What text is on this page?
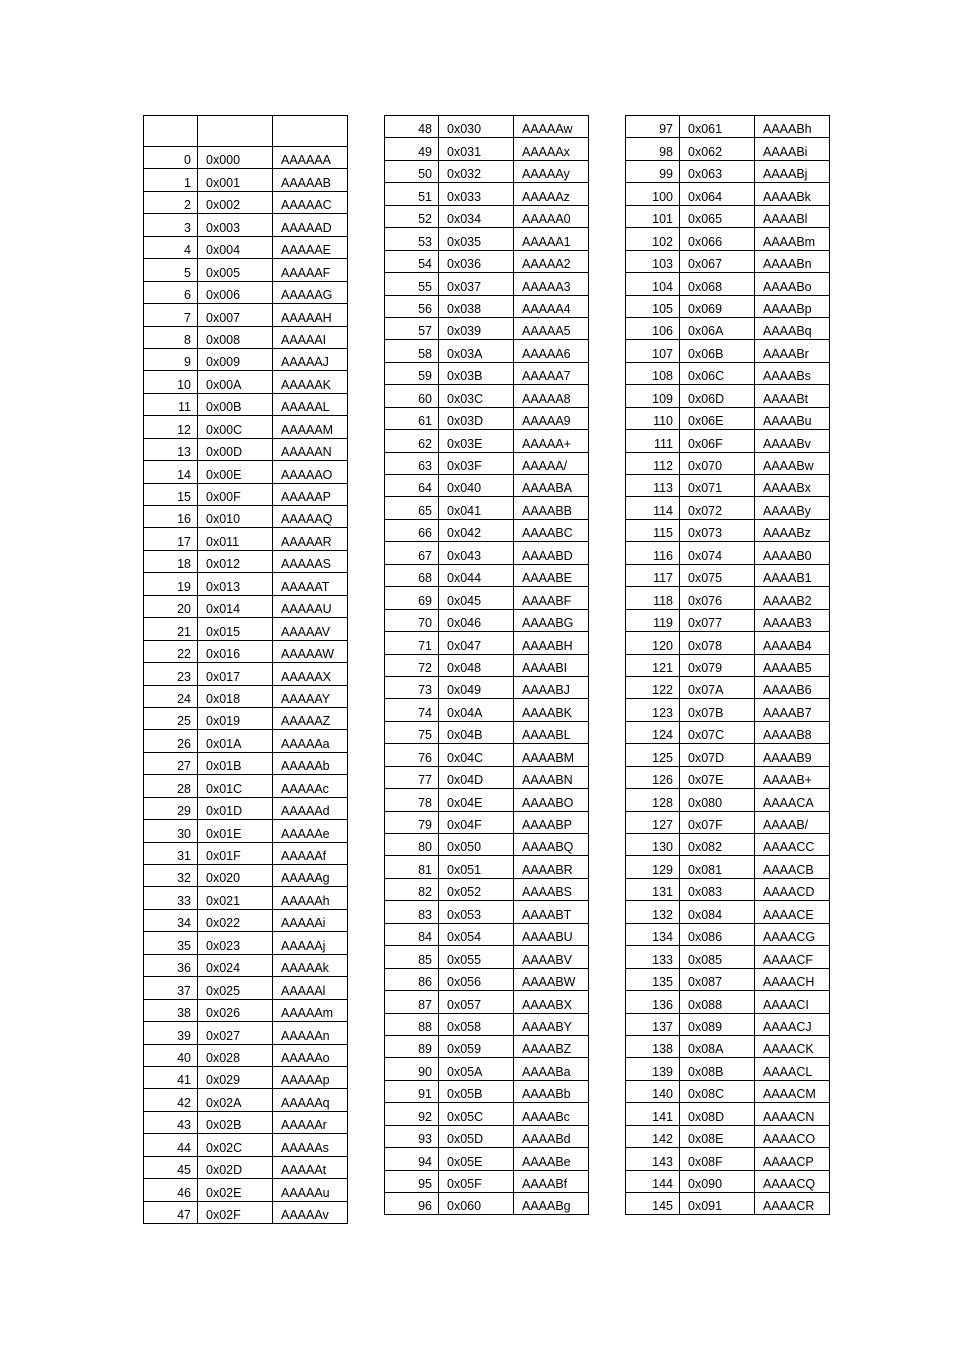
0	0x000	AAAAAA
1	0x001	AAAAAB
2	0x002	AAAAAC
3	0x003	AAAAAD
4	0x004	AAAAAE
5	0x005	AAAAAF
6	0x006	AAAAAG
7	0x007	AAAAAH
8	0x008	AAAAAI
9	0x009	AAAAAJ
10	0x00A	AAAAAK
11	0x00B	AAAAAL
12	0x00C	AAAAAM
13	0x00D	AAAAAN
14	0x00E	AAAAAO
15	0x00F	AAAAAP
16	0x010	AAAAAQ
17	0x011	AAAAAR
18	0x012	AAAAAS
19	0x013	AAAAAT
20	0x014	AAAAAU
21	0x015	AAAAAV
22	0x016	AAAAAW
23	0x017	AAAAAX
24	0x018	AAAAAY
25	0x019	AAAAAZ
26	0x01A	AAAAAa
27	0x01B	AAAAAb
28	0x01C	AAAAAc
29	0x01D	AAAAAd
30	0x01E	AAAAAe
31	0x01F	AAAAAf
32	0x020	AAAAAg
33	0x021	AAAAAh
34	0x022	AAAAAi
35	0x023	AAAAAj
36	0x024	AAAAAk
37	0x025	AAAAAl
38	0x026	AAAAAm
39	0x027	AAAAAn
40	0x028	AAAAAo
41	0x029	AAAAAp
42	0x02A	AAAAAq
43	0x02B	AAAAAr
44	0x02C	AAAAAs
45	0x02D	AAAAAt
46	0x02E	AAAAAu
47	0x02F	AAAAAv
48	0x030	AAAAAw
49	0x031	AAAAAx
50	0x032	AAAAAy
51	0x033	AAAAAz
52	0x034	AAAAA0
53	0x035	AAAAA1
54	0x036	AAAAA2
55	0x037	AAAAA3
56	0x038	AAAAA4
57	0x039	AAAAA5
58	0x03A	AAAAA6
59	0x03B	AAAAA7
60	0x03C	AAAAA8
61	0x03D	AAAAA9
62	0x03E	AAAAA+
63	0x03F	AAAAA/
64	0x040	AAAABA
65	0x041	AAAABB
66	0x042	AAAABC
67	0x043	AAAABD
68	0x044	AAAABE
69	0x045	AAAABF
70	0x046	AAAABG
71	0x047	AAAABH
72	0x048	AAAABI
73	0x049	AAAABJ
74	0x04A	AAAABK
75	0x04B	AAAABL
76	0x04C	AAAABM
77	0x04D	AAAABN
78	0x04E	AAAABO
79	0x04F	AAAABP
80	0x050	AAAABQ
81	0x051	AAAABR
82	0x052	AAAABS
83	0x053	AAAABT
84	0x054	AAAABU
85	0x055	AAAABV
86	0x056	AAAABW
87	0x057	AAAABX
88	0x058	AAAABY
89	0x059	AAAABZ
90	0x05A	AAAABa
91	0x05B	AAAABb
92	0x05C	AAAABc
93	0x05D	AAAABd
94	0x05E	AAAABe
95	0x05F	AAAABf
96	0x060	AAAABg
97	0x061	AAAABh
98	0x062	AAAABi
99	0x063	AAAABj
100	0x064	AAAABk
101	0x065	AAAABl
102	0x066	AAAABm
103	0x067	AAAABn
104	0x068	AAAABo
105	0x069	AAAABp
106	0x06A	AAAABq
107	0x06B	AAAABr
108	0x06C	AAAABs
109	0x06D	AAAABt
110	0x06E	AAAABu
111	0x06F	AAAABv
112	0x070	AAAABw
113	0x071	AAAABx
114	0x072	AAAABy
115	0x073	AAAABz
116	0x074	AAAAB0
117	0x075	AAAAB1
118	0x076	AAAAB2
119	0x077	AAAAB3
120	0x078	AAAAB4
121	0x079	AAAAB5
122	0x07A	AAAAB6
123	0x07B	AAAAB7
124	0x07C	AAAAB8
125	0x07D	AAAAB9
126	0x07E	AAAAB+
128	0x080	AAAACA
127	0x07F	AAAAB/
130	0x082	AAAACC
129	0x081	AAAACB
131	0x083	AAAACD
132	0x084	AAAACE
134	0x086	AAAACG
133	0x085	AAAACF
135	0x087	AAAACH
136	0x088	AAAACI
137	0x089	AAAACJ
138	0x08A	AAAACK
139	0x08B	AAAACL
140	0x08C	AAAACM
141	0x08D	AAAACN
142	0x08E	AAAACO
143	0x08F	AAAACP
144	0x090	AAAACQ
145	0x091	AAAACR
